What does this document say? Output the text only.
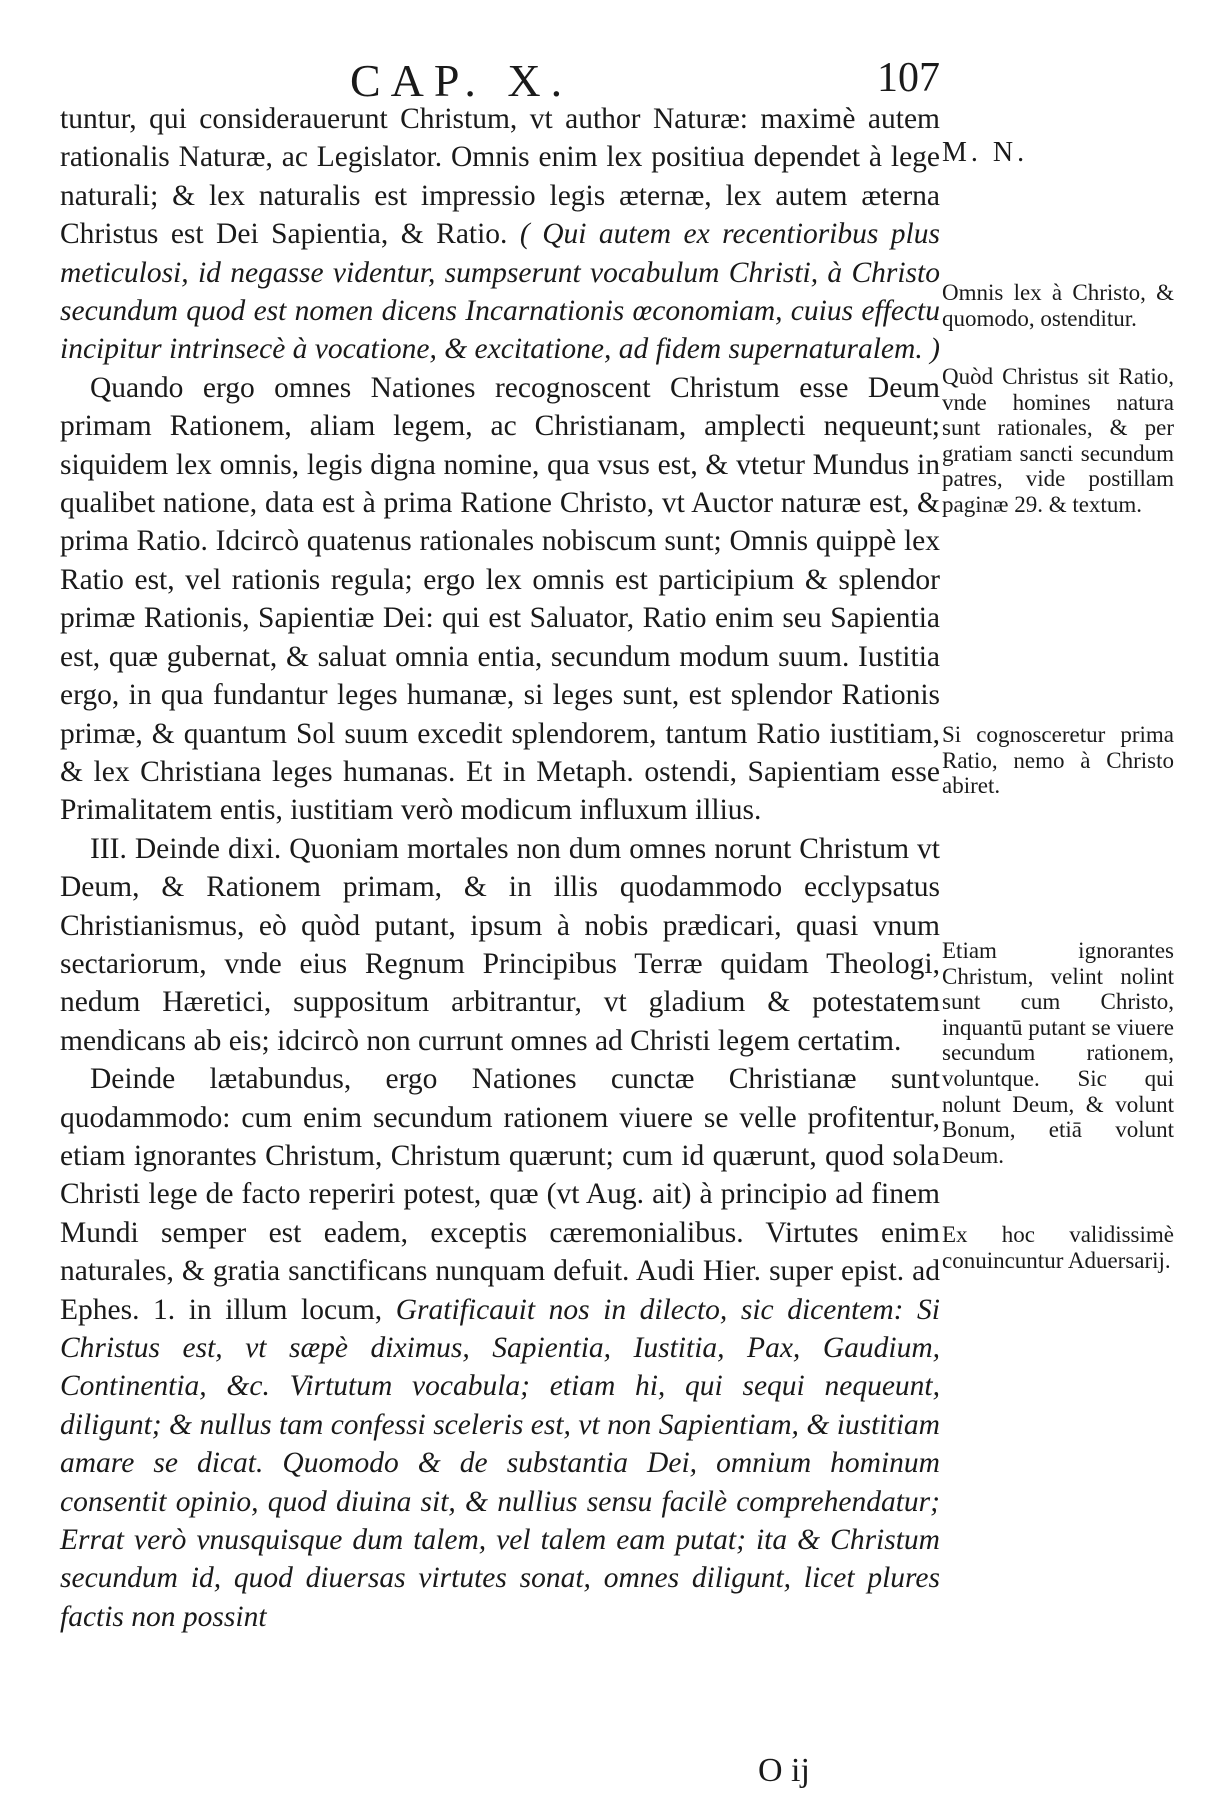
CAP. X.	107

tuntur, qui considerauerunt Christum, vt author Naturæ: maximè autem rationalis Naturæ, ac Legislator. Omnis enim lex positiua dependet à lege naturali; & lex naturalis est impressio legis æternæ, lex autem æterna Christus est Dei Sapientia, & Ratio. ( Qui autem ex recentioribus plus meticulosi, id negasse videntur, sumpserunt vocabulum Christi, à Christo secundum quod est nomen dicens Incarnationis œconomiam, cuius effectu incipitur intrinsecè à vocatione, & excitatione, ad fidem supernaturalem. )

Quando ergo omnes Nationes recognoscent Christum esse Deum primam Rationem, aliam legem, ac Christianam, amplecti nequeunt; siquidem lex omnis, legis digna nomine, qua vsus est, & vtetur Mundus in qualibet natione, data est à prima Ratione Christo, vt Auctor naturæ est, & prima Ratio. Idcircò quatenus rationales nobiscum sunt; Omnis quippè lex Ratio est, vel rationis regula; ergo lex omnis est participium & splendor primæ Rationis, Sapientiæ Dei: qui est Saluator, Ratio enim seu Sapientia est, quæ gubernat, & saluat omnia entia, secundum modum suum. Iustitia ergo, in qua fundantur leges humanæ, si leges sunt, est splendor Rationis primæ, & quantum Sol suum excedit splendorem, tantum Ratio iustitiam, & lex Christiana leges humanas. Et in Metaph. ostendi, Sapientiam esse Primalitatem entis, iustitiam verò modicum influxum illius.

III. Deinde dixi. Quoniam mortales non dum omnes norunt Christum vt Deum, & Rationem primam, & in illis quodammodo ecclypsatus Christianismus, eò quòd putant, ipsum à nobis prædicari, quasi vnum sectariorum, vnde eius Regnum Principibus Terræ quidam Theologi, nedum Hæretici, suppositum arbitrantur, vt gladium & potestatem mendicans ab eis; idcircò non currunt omnes ad Christi legem certatim.

Deinde lætabundus, ergo Nationes cunctæ Christianæ sunt quodammodo: cum enim secundum rationem viuere se velle profitentur, etiam ignorantes Christum, Christum quærunt; cum id quærunt, quod sola Christi lege de facto reperiri potest, quæ (vt Aug. ait) à principio ad finem Mundi semper est eadem, exceptis cæremonialibus. Virtutes enim naturales, & gratia sanctificans nunquam defuit. Audi Hier. super epist. ad Ephes. 1. in illum locum, Gratificauit nos in dilecto, sic dicentem: Si Christus est, vt sæpè diximus, Sapientia, Iustitia, Pax, Gaudium, Continentia, &c. Virtutum vocabula; etiam hi, qui sequi nequeunt, diligunt; & nullus tam confessi sceleris est, vt non Sapientiam, & iustitiam amare se dicat. Quomodo & de substantia Dei, omnium hominum consentit opinio, quod diuina sit, & nullius sensu facilè comprehendatur; Errat verò vnusquisque dum talem, vel talem eam putat; ita & Christum secundum id, quod diuersas virtutes sonat, omnes diligunt, licet plures factis non possint

M. N.
Omnis lex à Christo, & quomodo, ostenditur.
Quòd Christus sit Ratio, vnde homines natura sunt rationales, & per gratiam sancti secundum patres, vide postillam paginæ 29. & textum.
Si cognosceretur prima Ratio, nemo à Christo abiret.
Etiam ignorantes Christum, velint nolint sunt cum Christo, inquantū putant se viuere secundum rationem, voluntque. Sic qui nolunt Deum, & volunt Bonum, etiā volunt Deum.
Ex hoc validissimè conuincuntur Aduersarij.
O ij
